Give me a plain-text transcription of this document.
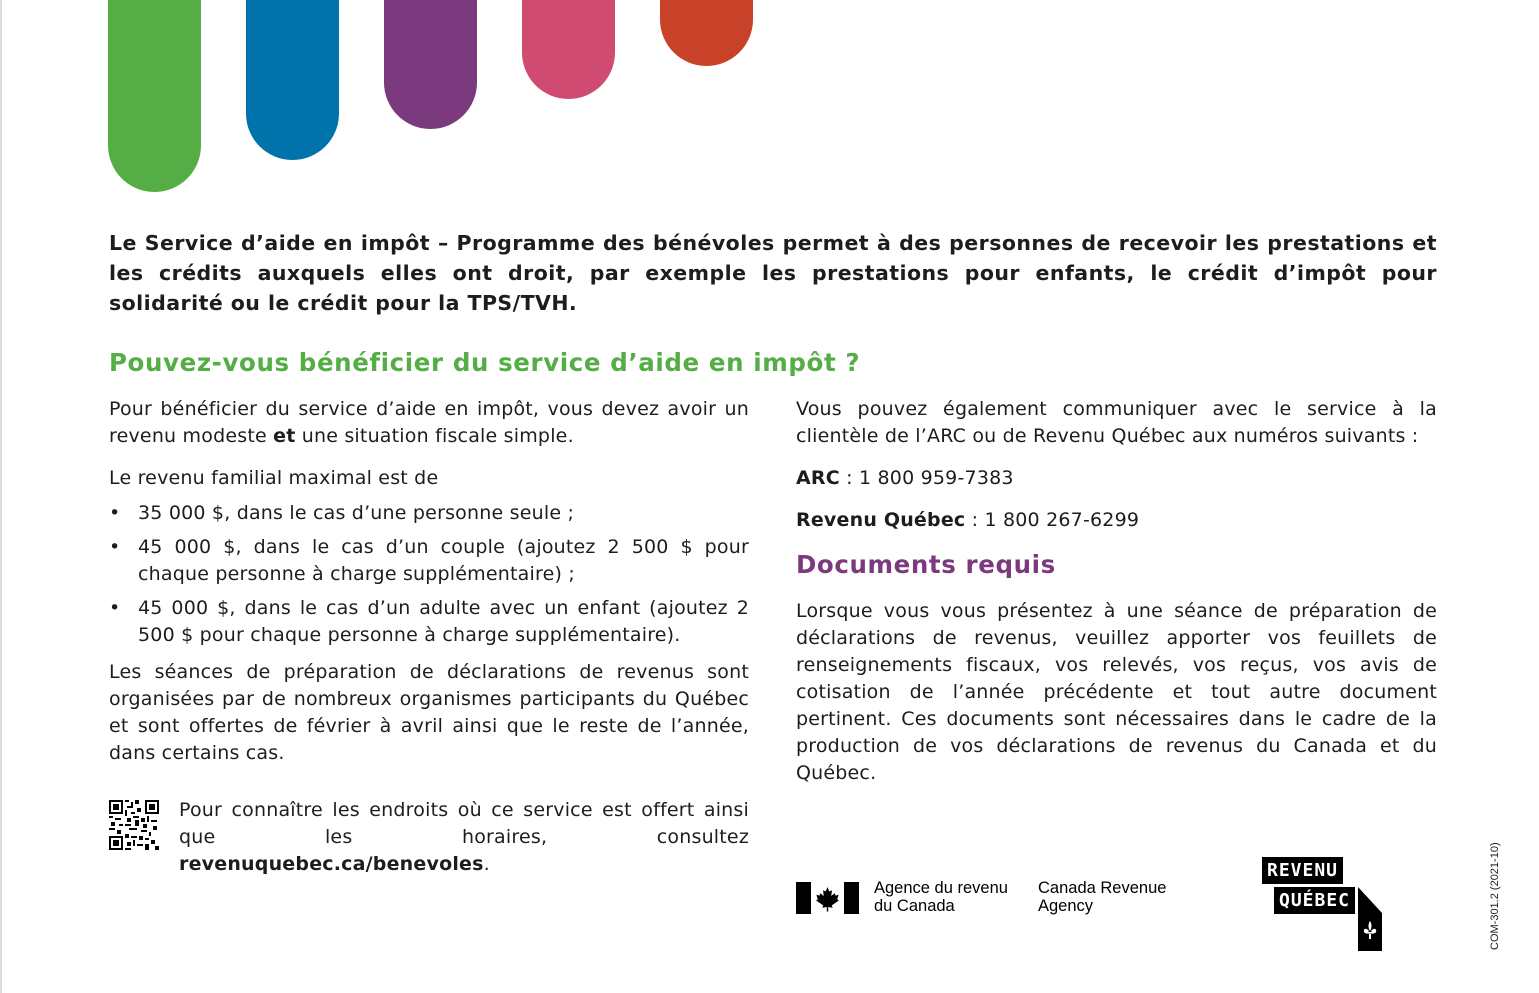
Le Service d’aide en impôt – Programme des bénévoles permet à des personnes de recevoir les prestations et les crédits auxquels elles ont droit, par exemple les prestations pour enfants, le crédit d’impôt pour solidarité ou le crédit pour la TPS/TVH.

Pouvez-vous bénéficier du service d’aide en impôt ?

Pour bénéficier du service d’aide en impôt, vous devez avoir un revenu modeste et une situation fiscale simple.

Le revenu familial maximal est de

• 35 000 $, dans le cas d’une personne seule ;
• 45 000 $, dans le cas d’un couple (ajoutez 2 500 $ pour chaque personne à charge supplémentaire) ;
• 45 000 $, dans le cas d’un adulte avec un enfant (ajoutez 2 500 $ pour chaque personne à charge supplémentaire).

Les séances de préparation de déclarations de revenus sont organisées par de nombreux organismes participants du Québec et sont offertes de février à avril ainsi que le reste de l’année, dans certains cas.

Pour connaître les endroits où ce service est offert ainsi que les horaires, consultez revenuquebec.ca/benevoles.

Vous pouvez également communiquer avec le service à la clientèle de l’ARC ou de Revenu Québec aux numéros suivants :

ARC : 1 800 959-7383

Revenu Québec : 1 800 267-6299

Lorsque vous vous présentez à une séance de préparation de déclarations de revenus, veuillez apporter vos feuillets de renseignements fiscaux, vos relevés, vos reçus, vos avis de cotisation de l’année précédente et tout autre document pertinent. Ces documents sont nécessaires dans le cadre de la production de vos déclarations de revenus du Canada et du Québec.

Documents requis
Agence du revenu
du Canada
Canada Revenue
Agency
REVENU
QUÉBEC	COM-301.2 (2021-10)
